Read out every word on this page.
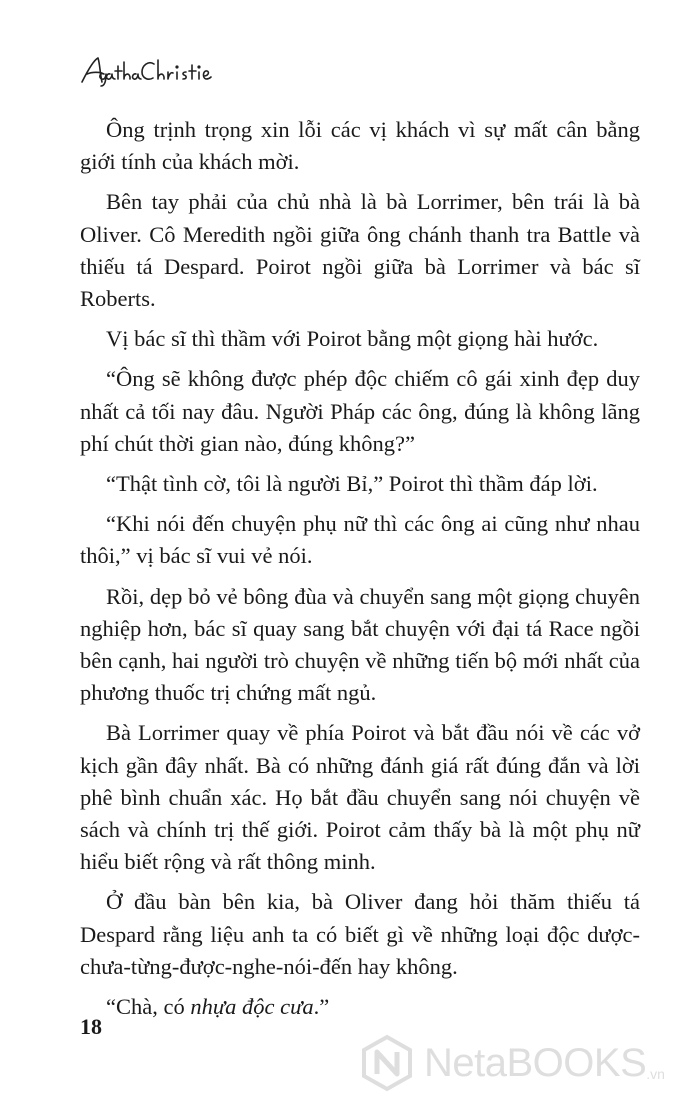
Ông trịnh trọng xin lỗi các vị khách vì sự mất cân bằng giới tính của khách mời.

Bên tay phải của chủ nhà là bà Lorrimer, bên trái là bà Oliver. Cô Meredith ngồi giữa ông chánh thanh tra Battle và thiếu tá Despard. Poirot ngồi giữa bà Lorrimer và bác sĩ Roberts.

Vị bác sĩ thì thầm với Poirot bằng một giọng hài hước.

“Ông sẽ không được phép độc chiếm cô gái xinh đẹp duy nhất cả tối nay đâu. Người Pháp các ông, đúng là không lãng phí chút thời gian nào, đúng không?”

“Thật tình cờ, tôi là người Bỉ,” Poirot thì thầm đáp lời.

“Khi nói đến chuyện phụ nữ thì các ông ai cũng như nhau thôi,” vị bác sĩ vui vẻ nói.

Rồi, dẹp bỏ vẻ bông đùa và chuyển sang một giọng chuyên nghiệp hơn, bác sĩ quay sang bắt chuyện với đại tá Race ngồi bên cạnh, hai người trò chuyện về những tiến bộ mới nhất của phương thuốc trị chứng mất ngủ.

Bà Lorrimer quay về phía Poirot và bắt đầu nói về các vở kịch gần đây nhất. Bà có những đánh giá rất đúng đắn và lời phê bình chuẩn xác. Họ bắt đầu chuyển sang nói chuyện về sách và chính trị thế giới. Poirot cảm thấy bà là một phụ nữ hiểu biết rộng và rất thông minh.

Ở đầu bàn bên kia, bà Oliver đang hỏi thăm thiếu tá Despard rằng liệu anh ta có biết gì về những loại độc dược-chưa-từng-được-nghe-nói-đến hay không.

“Chà, có nhựa độc cưa.”

18
NetaBOOKS .vn
